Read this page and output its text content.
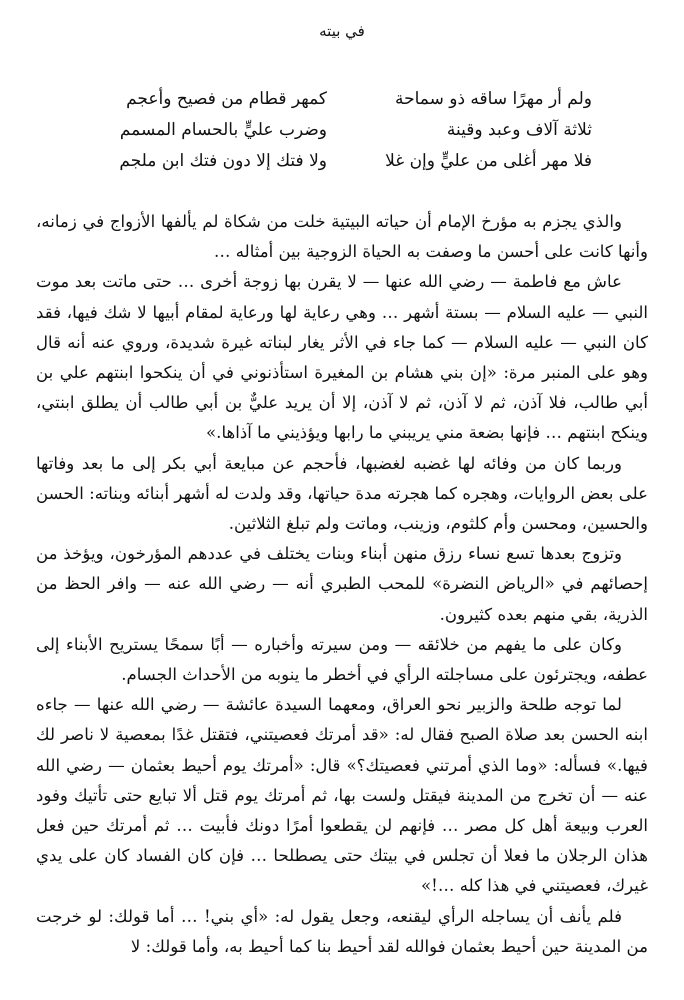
في بيته
ولم أر مهرًا ساقه ذو سماحة
كمهر قطام من فصيح وأعجم
ثلاثة آلاف وعبد وقينة
وضرب عليٍّ بالحسام المسمم
فلا مهر أغلى من عليٍّ وإن غلا
ولا فتك إلا دون فتك ابن ملجم

والذي يجزم به مؤرخ الإمام أن حياته البيتية خلت من شكاة لم يألفها الأزواج في زمانه، وأنها كانت على أحسن ما وصفت به الحياة الزوجية بين أمثاله …

عاش مع فاطمة — رضي الله عنها — لا يقرن بها زوجة أخرى … حتى ماتت بعد موت النبي — عليه السلام — بستة أشهر … وهي رعاية لها ورعاية لمقام أبيها لا شك فيها، فقد كان النبي — عليه السلام — كما جاء في الأثر يغار لبناته غيرة شديدة، وروي عنه أنه قال وهو على المنبر مرة: «إن بني هشام بن المغيرة استأذنوني في أن ينكحوا ابنتهم علي بن أبي طالب، فلا آذن، ثم لا آذن، ثم لا آذن، إلا أن يريد عليٌّ بن أبي طالب أن يطلق ابنتي، وينكح ابنتهم … فإنها بضعة مني يريبني ما رابها ويؤذيني ما آذاها.»

وربما كان من وفائه لها غضبه لغضبها، فأحجم عن مبايعة أبي بكر إلى ما بعد وفاتها على بعض الروايات، وهجره كما هجرته مدة حياتها، وقد ولدت له أشهر أبنائه وبناته: الحسن والحسين، ومحسن وأم كلثوم، وزينب، وماتت ولم تبلغ الثلاثين.

وتزوج بعدها تسع نساء رزق منهن أبناء وبنات يختلف في عددهم المؤرخون، ويؤخذ من إحصائهم في «الرياض النضرة» للمحب الطبري أنه — رضي الله عنه — وافر الحظ من الذرية، بقي منهم بعده كثيرون.

وكان على ما يفهم من خلائقه — ومن سيرته وأخباره — أبًا سمحًا يستريح الأبناء إلى عطفه، ويجترئون على مساجلته الرأي في أخطر ما ينوبه من الأحداث الجسام.

لما توجه طلحة والزبير نحو العراق، ومعهما السيدة عائشة — رضي الله عنها — جاءه ابنه الحسن بعد صلاة الصبح فقال له: «قد أمرتك فعصيتني، فتقتل غدًا بمعصية لا ناصر لك فيها.» فسأله: «وما الذي أمرتني فعصيتك؟» قال: «أمرتك يوم أحيط بعثمان — رضي الله عنه — أن تخرج من المدينة فيقتل ولست بها، ثم أمرتك يوم قتل ألا تبايع حتى تأتيك وفود العرب وبيعة أهل كل مصر … فإنهم لن يقطعوا أمرًا دونك فأبيت … ثم أمرتك حين فعل هذان الرجلان ما فعلا أن تجلس في بيتك حتى يصطلحا … فإن كان الفساد كان على يدي غيرك، فعصيتني في هذا كله …!»

فلم يأنف أن يساجله الرأي ليقنعه، وجعل يقول له: «أي بني! … أما قولك: لو خرجت من المدينة حين أحيط بعثمان فوالله لقد أحيط بنا كما أحيط به، وأما قولك: لا
